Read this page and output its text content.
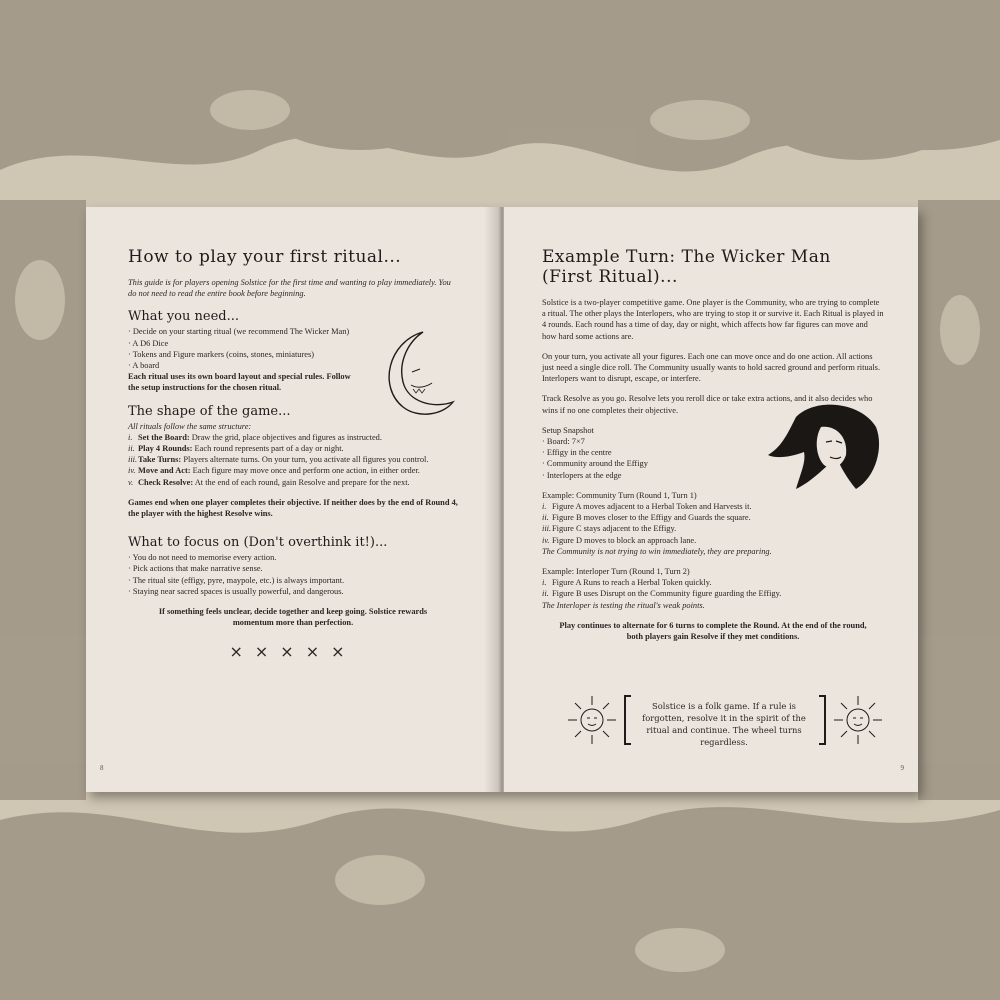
How to play your first ritual...

This guide is for players opening Solstice for the first time and wanting to play immediately. You do not need to read the entire book before beginning.

What you need...
· Decide on your starting ritual (we recommend The Wicker Man)
· A D6 Dice
· Tokens and Figure markers (coins, stones, miniatures)
· A board

Each ritual uses its own board layout and special rules. Follow the setup instructions for the chosen ritual.

The shape of the game...

All rituals follow the same structure:

i. Set the Board: Draw the grid, place objectives and figures as instructed.
ii. Play 4 Rounds: Each round represents part of a day or night.
iii.Take Turns: Players alternate turns. On your turn, you activate all figures you control.
iv. Move and Act: Each figure may move once and perform one action, in either order.
v. Check Resolve: At the end of each round, gain Resolve and prepare for the next.

Games end when one player completes their objective. If neither does by the end of Round 4, the player with the highest Resolve wins.

What to focus on (Don't overthink it!)...
· You do not need to memorise every action.
· Pick actions that make narrative sense.
· The ritual site (effigy, pyre, maypole, etc.) is always important.
· Staying near sacred spaces is usually powerful, and dangerous.

If something feels unclear, decide together and keep going. Solstice rewards momentum more than perfection.

×××××
8
Example Turn: The Wicker Man (First Ritual)...

Solstice is a two-player competitive game. One player is the Community, who are trying to complete a ritual. The other plays the Interlopers, who are trying to stop it or survive it. Each Ritual is played in 4 rounds. Each round has a time of day, day or night, which affects how far figures can move and how hard some actions are.

On your turn, you activate all your figures. Each one can move once and do one action. All actions just need a single dice roll. The Community usually wants to hold sacred ground and perform rituals. Interlopers want to disrupt, escape, or interfere.

Track Resolve as you go. Resolve lets you reroll dice or take extra actions, and it also decides who wins if no one completes their objective.

Setup Snapshot

· Board: 7×7
· Effigy in the centre
· Community around the Effigy
· Interlopers at the edge

Example: Community Turn (Round 1, Turn 1)

i. Figure A moves adjacent to a Herbal Token and Harvests it.
ii. Figure B moves closer to the Effigy and Guards the square.
iii.Figure C stays adjacent to the Effigy.
iv. Figure D moves to block an approach lane.

The Community is not trying to win immediately, they are preparing.

Example: Interloper Turn (Round 1, Turn 2)

i. Figure A Runs to reach a Herbal Token quickly.
ii. Figure B uses Disrupt on the Community figure guarding the Effigy.

The Interloper is testing the ritual's weak points.

Play continues to alternate for 6 turns to complete the Round. At the end of the round, both players gain Resolve if they met conditions.

Solstice is a folk game. If a rule is forgotten, resolve it in the spirit of the ritual and continue. The wheel turns regardless.
9
